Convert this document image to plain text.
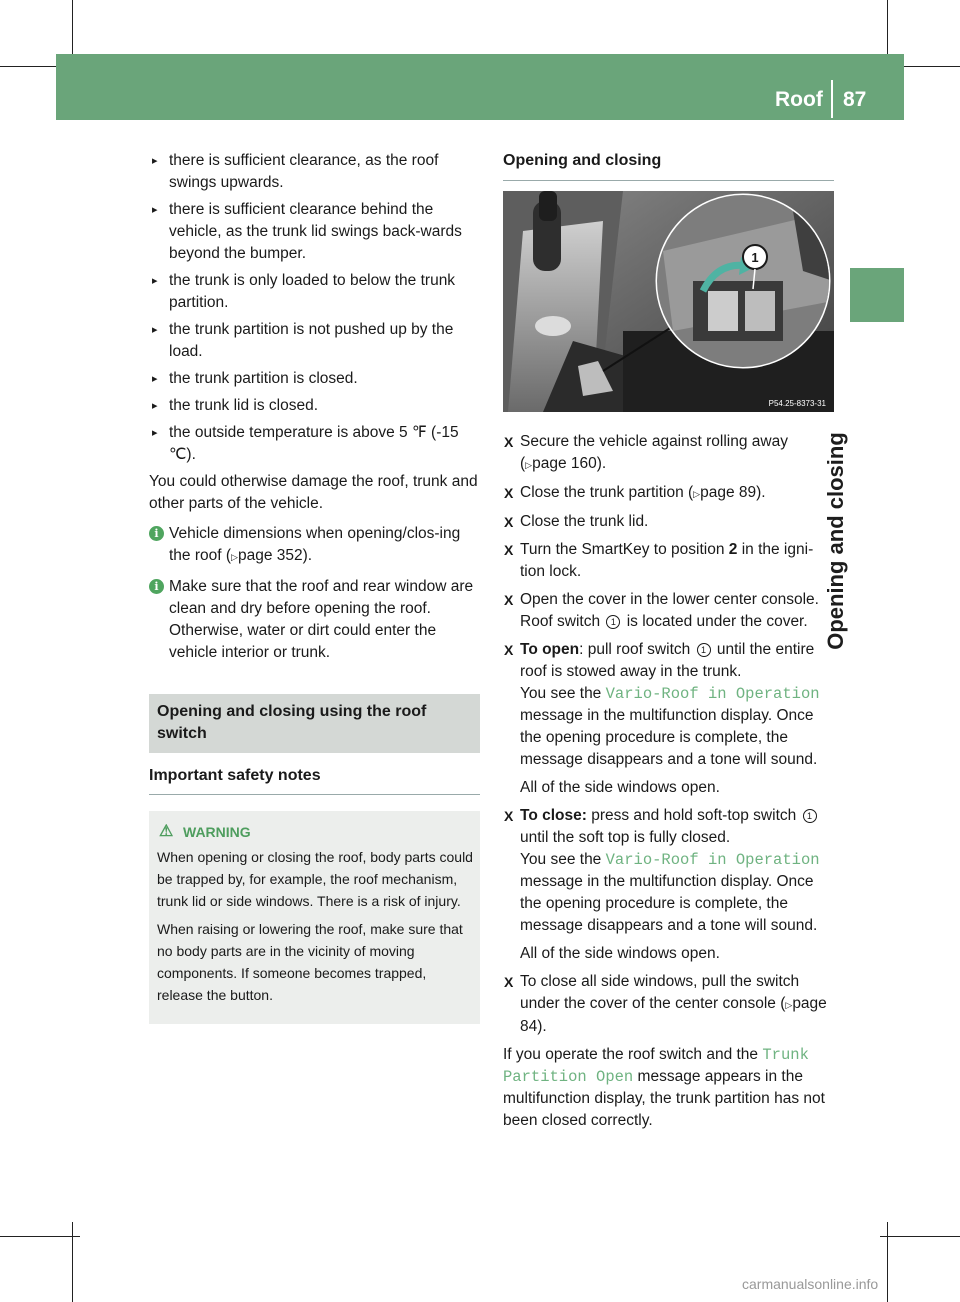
Roof 87
Opening and closing
▸ there is sufficient clearance, as the roof swings upwards.
▸ there is sufficient clearance behind the vehicle, as the trunk lid swings back-wards beyond the bumper.
▸ the trunk is only loaded to below the trunk partition.
▸ the trunk partition is not pushed up by the load.
▸ the trunk partition is closed.
▸ the trunk lid is closed.
▸ the outside temperature is above 5 ℉ (-15 ℃).

You could otherwise damage the roof, trunk and other parts of the vehicle.

i Vehicle dimensions when opening/clos-ing the roof (▷page 352).
i Make sure that the roof and rear window are clean and dry before opening the roof. Otherwise, water or dirt could enter the vehicle interior or trunk.
Opening and closing using the roof switch
Important safety notes
⚠ WARNING

When opening or closing the roof, body parts could be trapped by, for example, the roof mechanism, trunk lid or side windows. There is a risk of injury.

When raising or lowering the roof, make sure that no body parts are in the vicinity of moving components. If someone becomes trapped, release the button.

Opening and closing
1
P54.25-8373-31
X Secure the vehicle against rolling away (▷page 160).
X Close the trunk partition (▷page 89).
X Close the trunk lid.
X Turn the SmartKey to position 2 in the igni-tion lock.
X Open the cover in the lower center console. Roof switch 1 is located under the cover.
X To open: pull roof switch 1 until the entire roof is stowed away in the trunk.
You see the Vario-Roof in Operation message in the multifunction display. Once the opening procedure is complete, the message disappears and a tone will sound.
All of the side windows open.
X To close: press and hold soft-top switch 1 until the soft top is fully closed.
You see the Vario-Roof in Operation message in the multifunction display. Once the opening procedure is complete, the message disappears and a tone will sound.
All of the side windows open.
X To close all side windows, pull the switch under the cover of the center console (▷page 84).

If you operate the roof switch and the Trunk Partition Open message appears in the multifunction display, the trunk partition has not been closed correctly.

carmanualsonline.info
